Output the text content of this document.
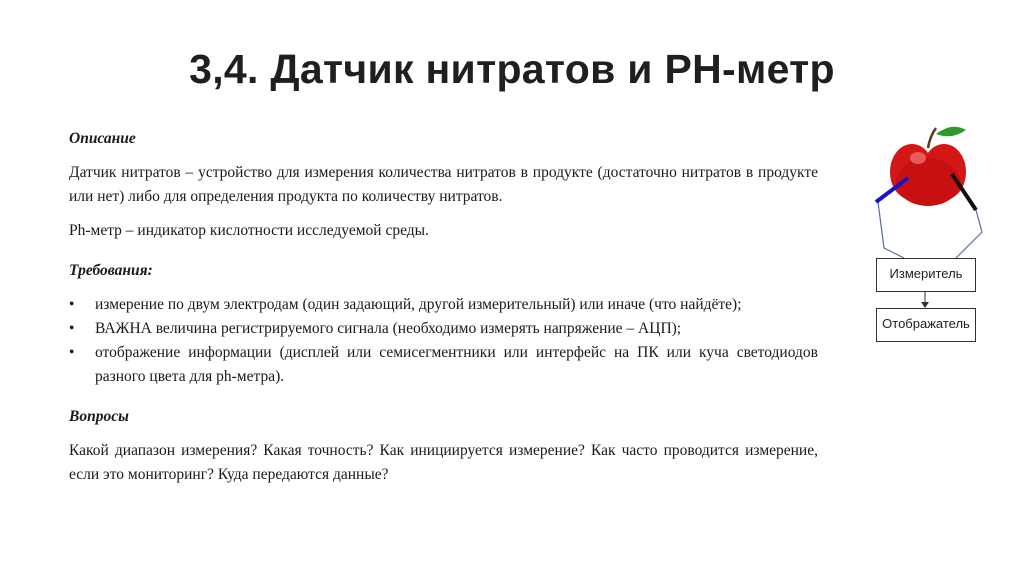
3,4. Датчик нитратов и PH-метр

Описание

Датчик нитратов – устройство для измерения количества нитратов в продукте (достаточно нитратов в продукте или нет) либо для определения продукта по количеству нитратов.

Ph-метр – индикатор кислотности исследуемой среды.

Требования:

• измерение по двум электродам (один задающий, другой измерительный) или иначе (что найдёте);
• ВАЖНА величина регистрируемого сигнала (необходимо измерять напряжение – АЦП);
• отображение информации (дисплей или семисегментники или интерфейс на ПК или куча светодиодов разного цвета для ph-метра).

Вопросы

Какой диапазон измерения? Какая точность? Как инициируется измерение? Как часто проводится измерение, если это мониторинг? Куда передаются данные?

Измеритель
Отображатель
